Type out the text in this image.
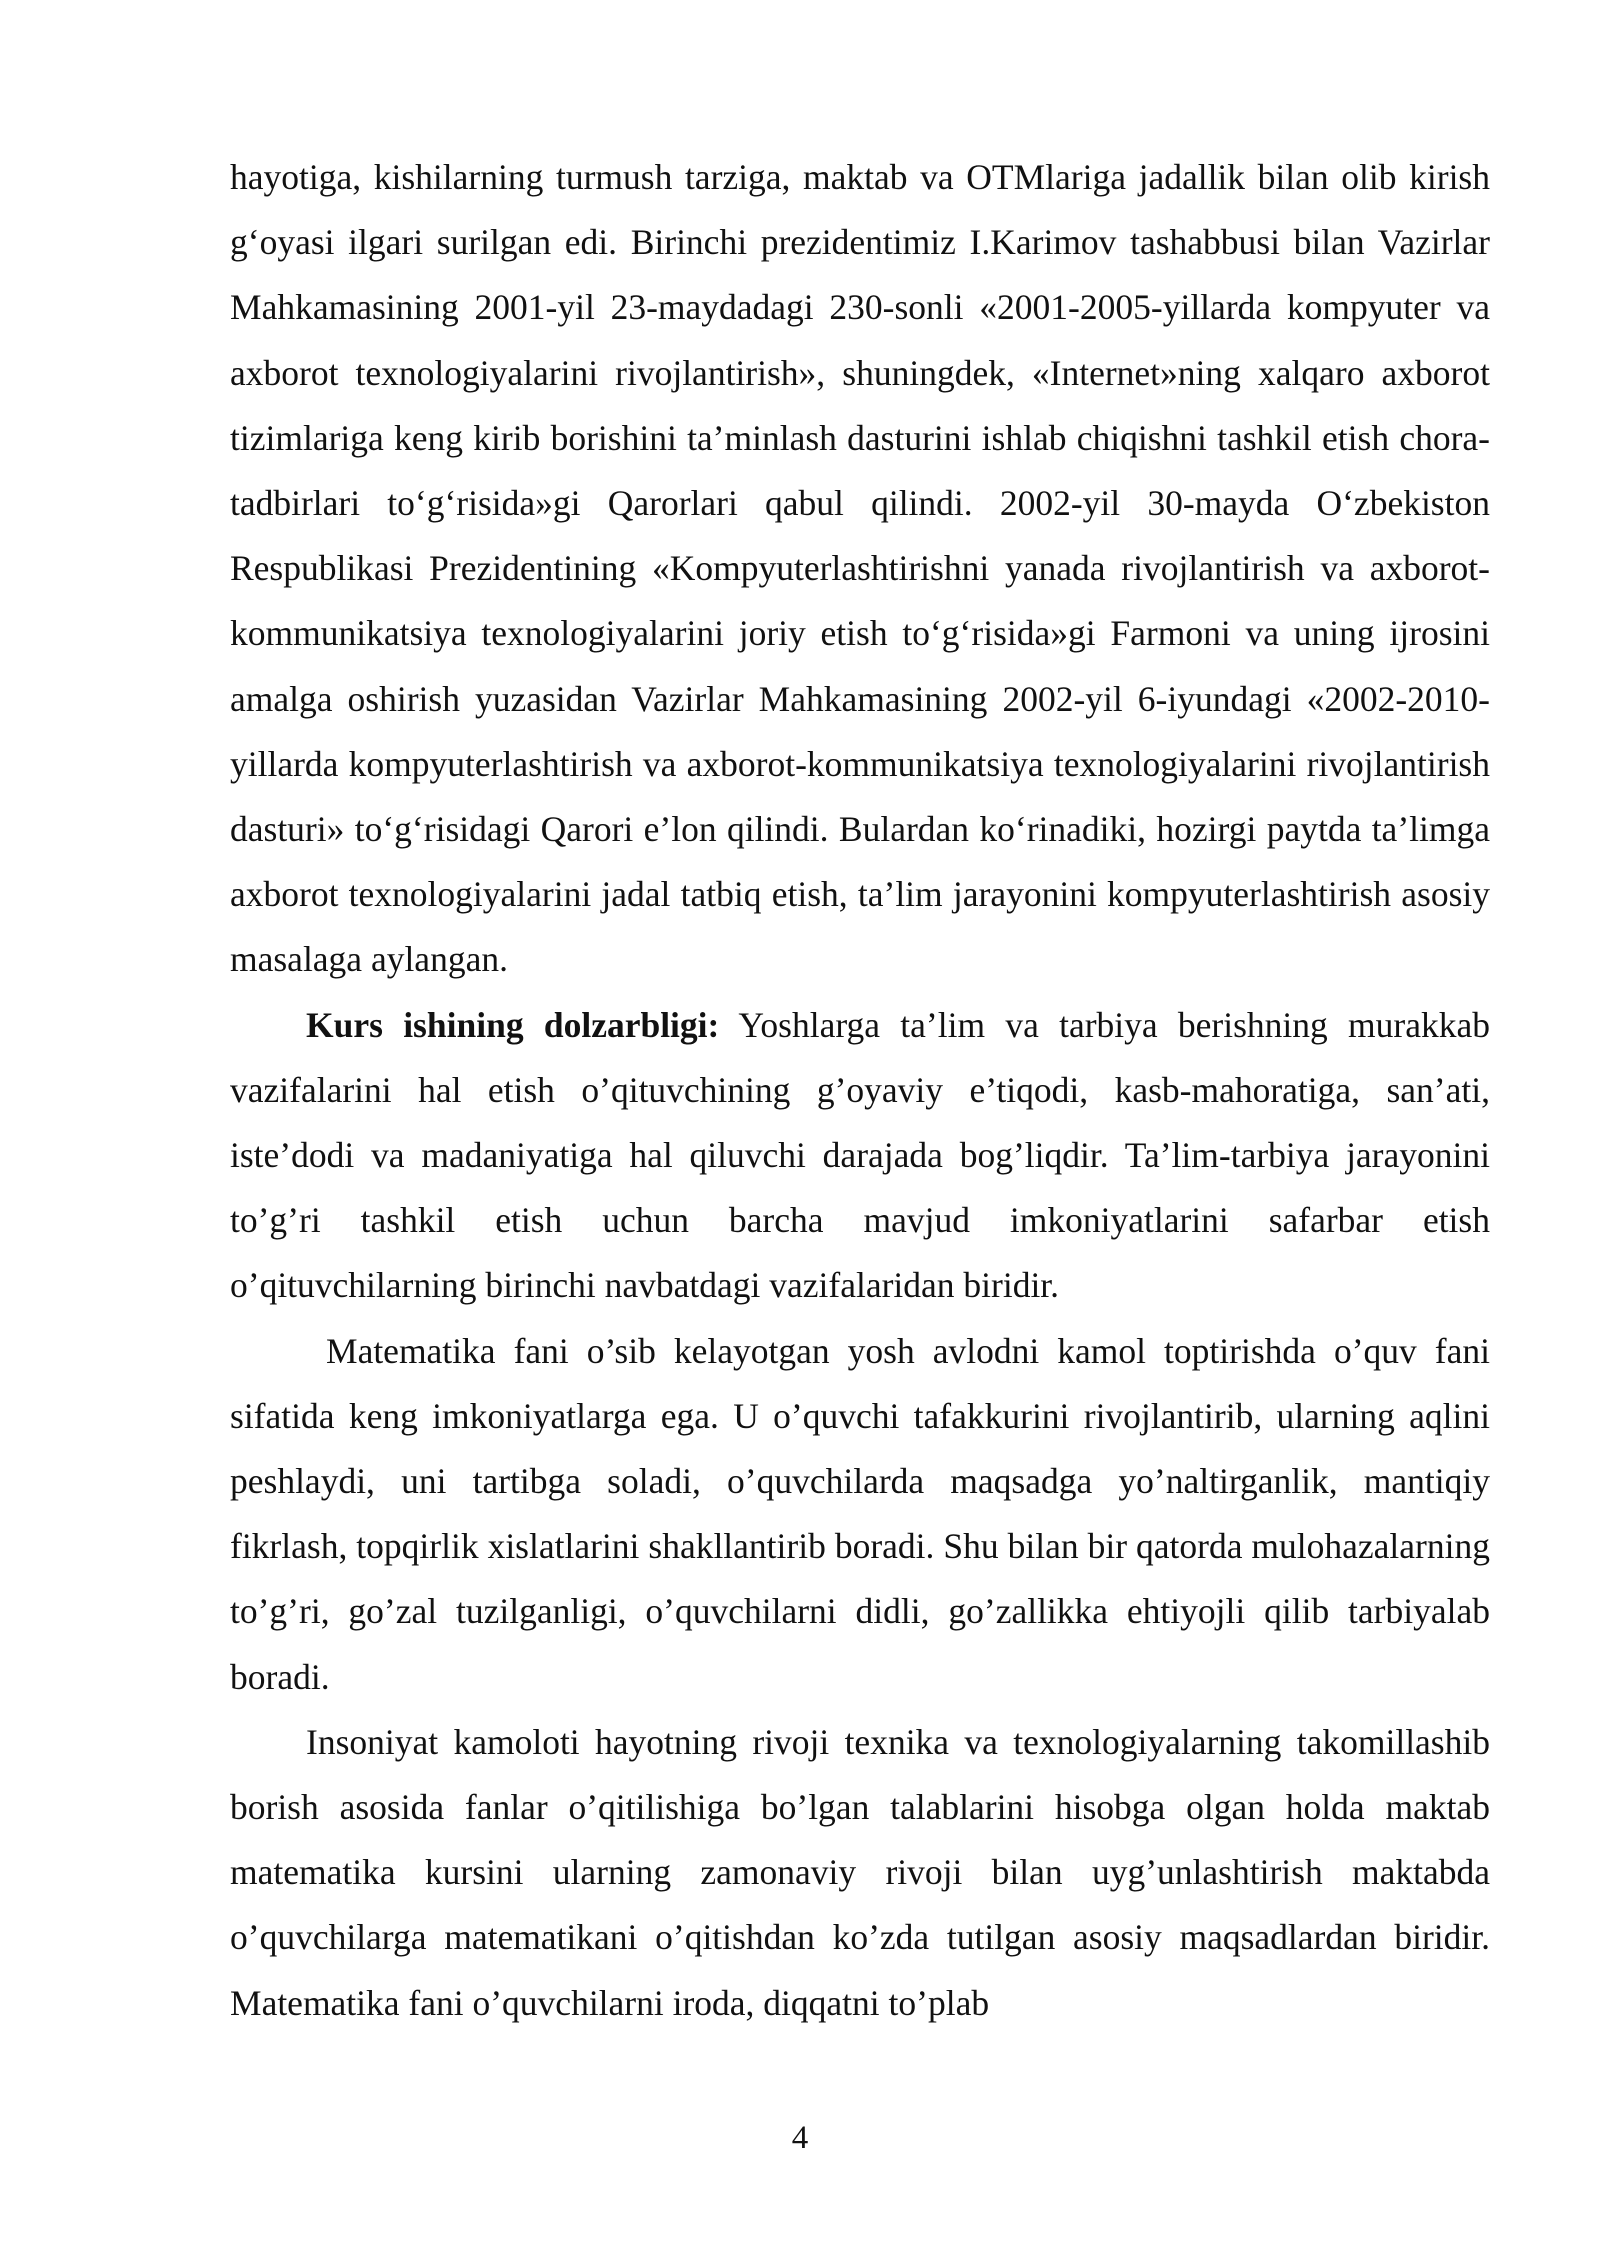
hayotiga, kishilarning turmush tarziga, maktab va OTMlariga jadallik bilan olib kirish g‘oyasi ilgari surilgan edi. Birinchi prezidentimiz I.Karimov tashabbusi bilan Vazirlar Mahkamasining 2001-yil 23-maydadagi 230-sonli «2001-2005-yillarda kompyuter va axborot texnologiyalarini rivojlantirish», shuningdek, «Internet»ning xalqaro axborot tizimlariga keng kirib borishini ta’minlash dasturini ishlab chiqishni tashkil etish chora-tadbirlari to‘g‘risida»gi Qarorlari qabul qilindi. 2002-yil 30-mayda O‘zbekiston Respublikasi Prezidentining «Kompyuterlashtirishni yanada rivojlantirish va axborot-kommunikatsiya texnologiyalarini joriy etish to‘g‘risida»gi Farmoni va uning ijrosini amalga oshirish yuzasidan Vazirlar Mahkamasining 2002-yil 6-iyundagi «2002-2010-yillarda kompyuterlashtirish va axborot-kommunikatsiya texnologiyalarini rivojlantirish dasturi» to‘g‘risidagi Qarori e’lon qilindi. Bulardan ko‘rinadiki, hozirgi paytda ta’limga axborot texnologiyalarini jadal tatbiq etish, ta’lim jarayonini kompyuterlashtirish asosiy masalaga aylangan.

Kurs ishining dolzarbligi: Yoshlarga ta’lim va tarbiya berishning murakkab vazifalarini hal etish o’qituvchining g’oyaviy e’tiqodi, kasb-mahoratiga, san’ati, iste’dodi va madaniyatiga hal qiluvchi darajada bog’liqdir. Ta’lim-tarbiya jarayonini to’g’ri tashkil etish uchun barcha mavjud imkoniyatlarini safarbar etish o’qituvchilarning birinchi navbatdagi vazifalaridan biridir.

Matematika fani o’sib kelayotgan yosh avlodni kamol toptirishda o’quv fani sifatida keng imkoniyatlarga ega. U o’quvchi tafakkurini rivojlantirib, ularning aqlini peshlaydi, uni tartibga soladi, o’quvchilarda maqsadga yo’naltirganlik, mantiqiy fikrlash, topqirlik xislatlarini shakllantirib boradi. Shu bilan bir qatorda mulohazalarning to’g’ri, go’zal tuzilganligi, o’quvchilarni didli, go’zallikka ehtiyojli qilib tarbiyalab boradi.

Insoniyat kamoloti hayotning rivoji texnika va texnologiyalarning takomillashib borish asosida fanlar o’qitilishiga bo’lgan talablarini hisobga olgan holda maktab matematika kursini ularning zamonaviy rivoji bilan uyg’unlashtirish maktabda o’quvchilarga matematikani o’qitishdan ko’zda tutilgan asosiy maqsadlardan biridir. Matematika fani o’quvchilarni iroda, diqqatni to’plab

4
